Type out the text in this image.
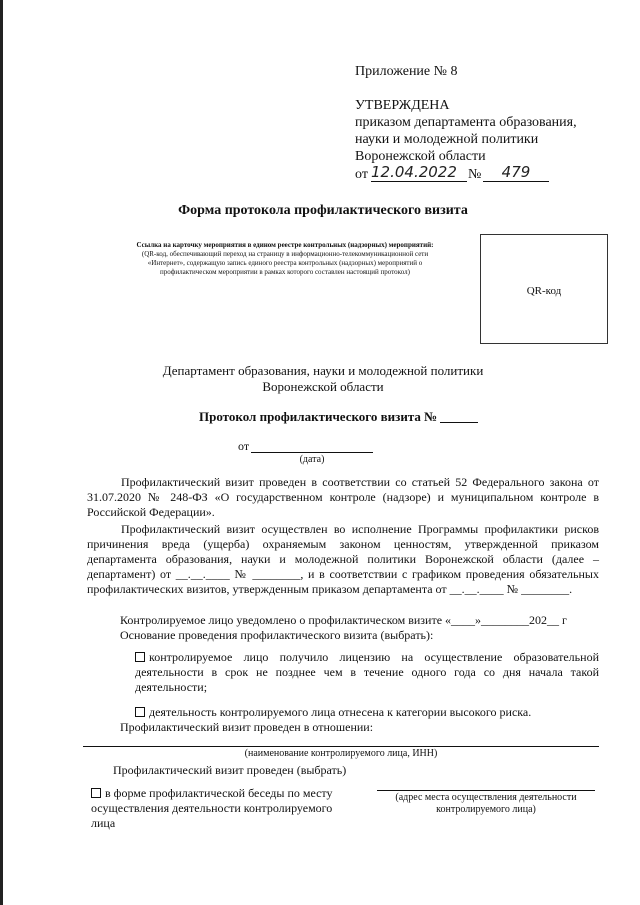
Приложение № 8
УТВЕРЖДЕНА
приказом департамента образования,
науки и молодежной политики
Воронежской области
от 12.04.2022 №	479
Форма протокола профилактического визита
Ссылка на карточку мероприятия в едином реестре контрольных (надзорных) мероприятий:
(QR-код, обеспечивающий переход на страницу в информационно-телекоммуникационной сети
«Интернет», содержащую запись единого реестра контрольных (надзорных) мероприятий о
профилактическом мероприятии в рамках которого составлен настоящий протокол)
QR-код
Департамент образования, науки и молодежной политики
Воронежской области
Протокол профилактического визита №
от
(дата)
Профилактический визит проведен в соответствии со статьей 52 Федерального закона от 31.07.2020 № 248-ФЗ «О государственном контроле (надзоре) и муниципальном контроле в Российской Федерации».
Профилактический визит осуществлен во исполнение Программы профилактики рисков причинения вреда (ущерба) охраняемым законом ценностям, утвержденной приказом департамента образования, науки и молодежной политики Воронежской области (далее – департамент) от __.__.____ № ________, и в соответствии с графиком проведения обязательных профилактических визитов, утвержденным приказом департамента от __.__.____ № ________.
Контролируемое лицо уведомлено о профилактическом визите «____»________202__ г
Основание проведения профилактического визита (выбрать):
контролируемое лицо получило лицензию на осуществление образовательной деятельности в срок не позднее чем в течение одного года со дня начала такой деятельности;
деятельность контролируемого лица отнесена к категории высокого риска.
Профилактический визит проведен в отношении:
(наименование контролируемого лица, ИНН)
Профилактический визит проведен (выбрать)
в форме профилактической беседы по месту осуществления деятельности контролируемого лица
(адрес места осуществления деятельности контролируемого лица)
